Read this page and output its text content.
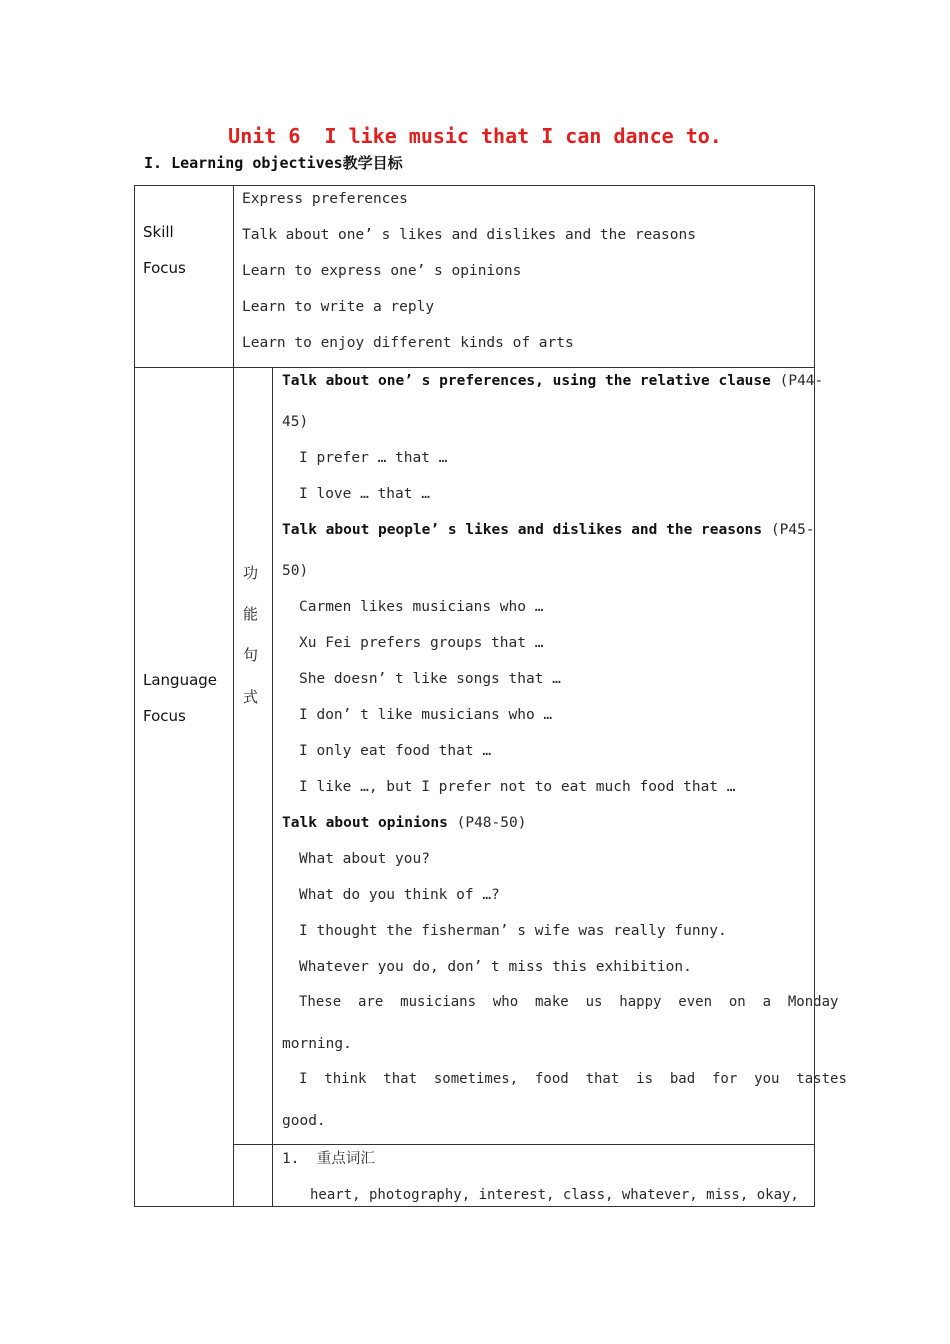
Unit 6  I like music that I can dance to.
I. Learning objectives教学目标
Skill
Focus
Express preferences
Talk about one’ s likes and dislikes and the reasons
Learn to express one’ s opinions
Learn to write a reply
Learn to enjoy different kinds of arts
Language
Focus
功
能
句
式
Talk about one’ s preferences, using the relative clause (P44-
45)
I prefer … that …
I love … that …
Talk about people’ s likes and dislikes and the reasons (P45-
50)
Carmen likes musicians who …
Xu Fei prefers groups that …
She doesn’ t like songs that …
I don’ t like musicians who …
I only eat food that …
I like …, but I prefer not to eat much food that …
Talk about opinions (P48-50)
What about you?
What do you think of …?
I thought the fisherman’ s wife was really funny.
Whatever you do, don’ t miss this exhibition.
These  are  musicians  who  make  us  happy  even  on  a  Monday
morning.
I  think  that  sometimes,  food  that  is  bad  for  you  tastes
good.
1.  重点词汇
heart, photography, interest, class, whatever, miss, okay,
